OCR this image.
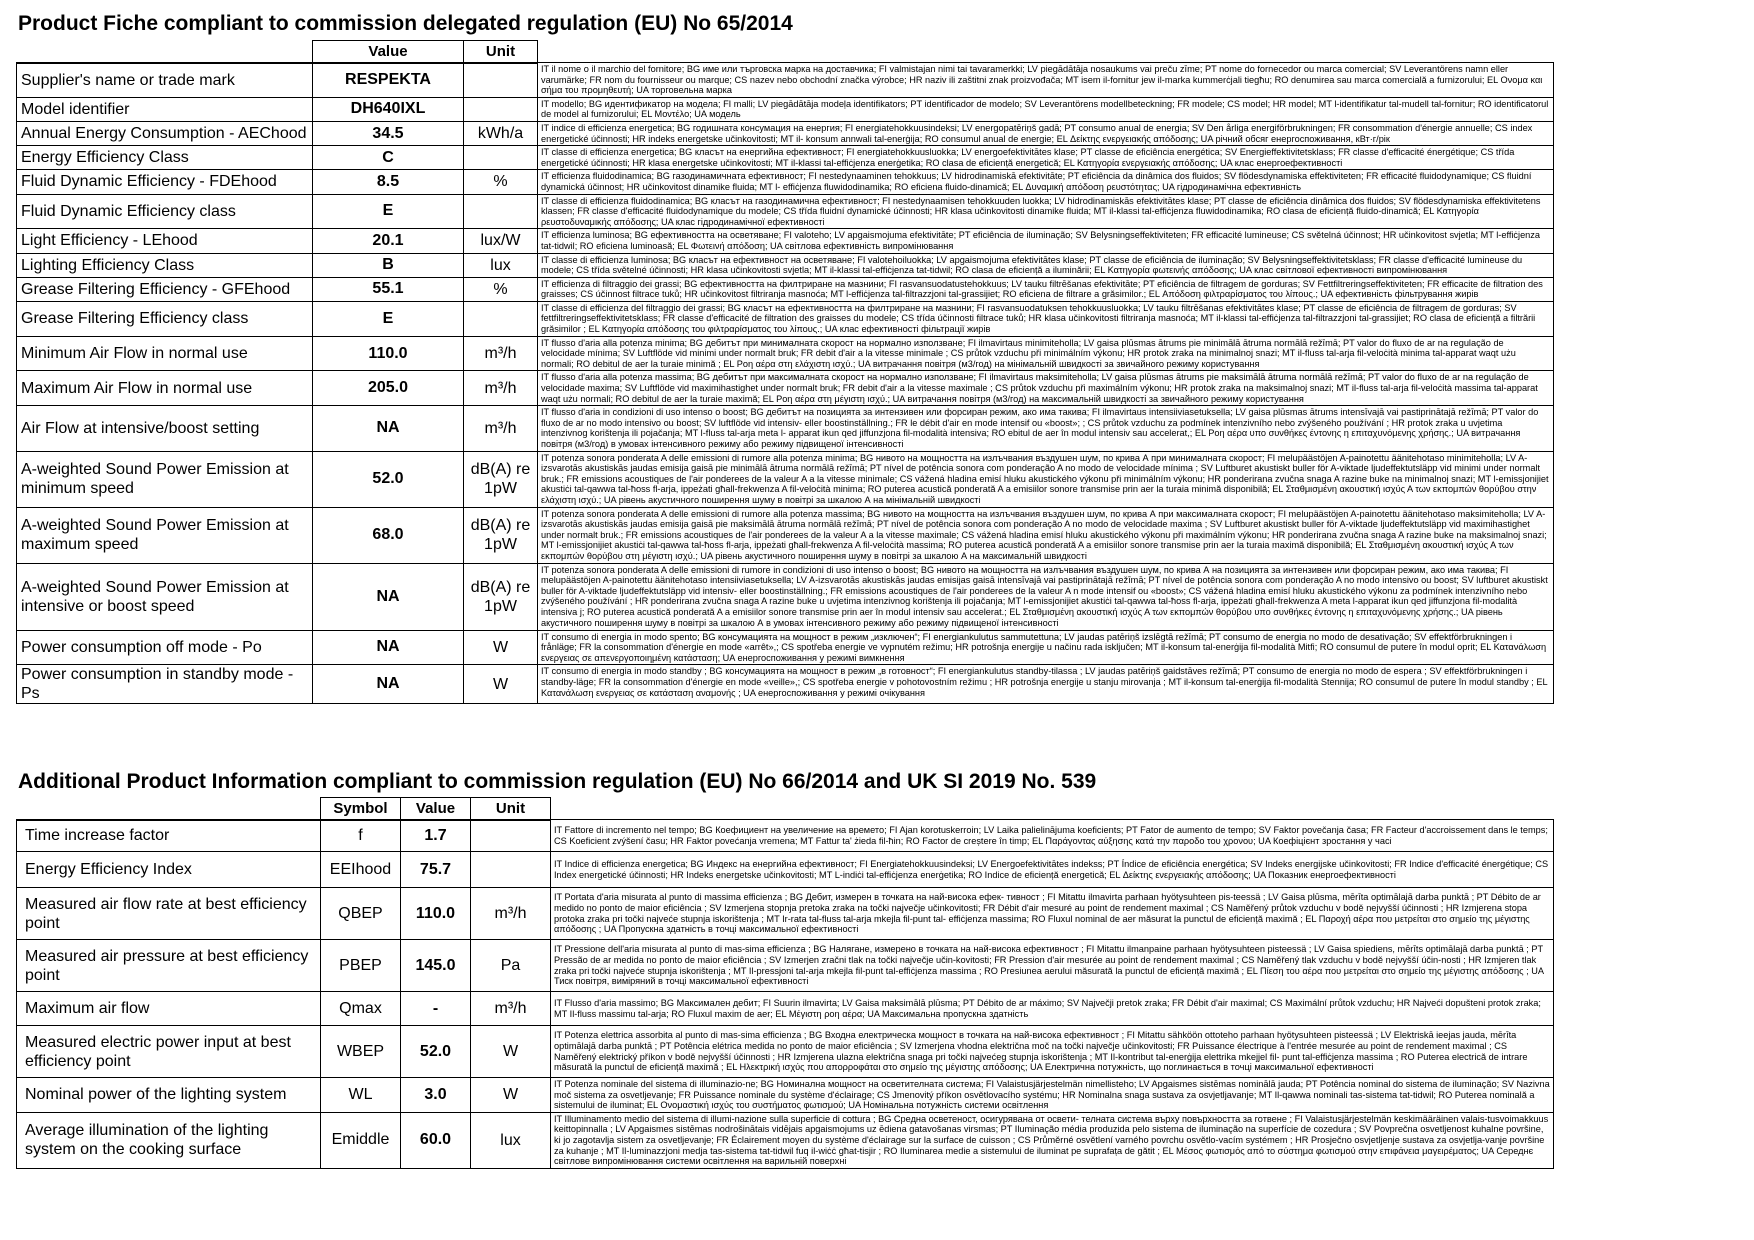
Product Fiche compliant to commission delegated regulation (EU) No 65/2014
	Value	Unit	
Supplier's name or trade mark	RESPEKTA		IT il nome o il marchio del fornitore; BG име или търговска марка на доставчика; FI valmistajan nimi tai tavaramerkki; LV piegādātāja nosaukums vai preču zīme; PT nome do fornecedor ou marca comercial; SV Leverantörens namn eller varumärke; FR nom du fournisseur ou marque; CS nazev nebo obchodní značka výrobce; HR naziv ili zaštitni znak proizvođača; MT isem il-fornitur jew il-marka kummerċjali tiegħu; RO denumirea sau marca comercială a furnizorului; EL Ονομα και σήμα του προμηθευτή; UA торговельна марка
Model identifier	DH640IXL		IT modello; BG идентификатор на модела; FI malli; LV piegādātāja modeļa identifikators; PT identificador de modelo; SV Leverantörens modellbeteckning; FR modele; CS model; HR model; MT l-identifikatur tal-mudell tal-fornitur; RO identificatorul de model al furnizorului; EL Μοντέλο; UA модель
Annual Energy Consumption - AEChood	34.5	kWh/a	IT indice di efficienza energetica; BG годишната консумация на енергия; FI energiatehokkuusindeksi; LV energopatēriņš gadā; PT consumo anual de energia; SV Den årliga energiförbrukningen; FR consommation d'énergie annuelle; CS index energetické účinnosti; HR indeks energetske učinkovitosti; MT il- konsum annwali tal-enerġija; RO consumul anual de energie; EL Δείκτης ενεργειακής απόδοσης; UA річний обсяг енергоспоживання, кВт·г/рік
Energy Efficiency Class	C		IT classe di efficienza energetica; BG класът на енергийна ефективност; FI energiatehokkuusluokka; LV energoefektivitātes klase; PT classe de eficiência energética; SV Energieffektivitetsklass; FR classe d'efficacité énergétique; CS třída energetické účinnosti; HR klasa energetske učinkovitosti; MT il-klassi tal-effiċjenza enerġetika; RO clasa de eficiență energetică; EL Κατηγορία ενεργειακής απόδοσης; UA клас енергоефективності
Fluid Dynamic Efficiency - FDEhood	8.5	%	IT efficienza fluidodinamica; BG газодинамичната ефективност; FI nestedynaaminen tehokkuus; LV hidrodinamiskā efektivitāte; PT eficiência da dinâmica dos fluidos; SV flödesdynamiska effektiviteten; FR efficacité fluidodynamique; CS fluidní dynamická účinnost; HR učinkovitost dinamike fluida; MT l- effiċjenza fluwidodinamika; RO eficiena fluido-dinamică; EL Δυναμική απόδοση ρευστότητας; UA гідродинамічна ефективність
Fluid Dynamic Efficiency class	E		IT classe di efficienza fluidodinamica; BG класът на газодинамична ефективност; FI nestedynaamisen tehokkuuden luokka; LV hidrodinamiskās efektivitātes klase; PT classe de eficiência dinâmica dos fluidos; SV flödesdynamiska effektivitetens klassen; FR classe d'efficacité fluidodynamique du modele; CS třída fluidní dynamické účinnosti; HR klasa učinkovitosti dinamike fluida; MT il-klassi tal-effiċjenza fluwidodinamika; RO clasa de eficiență fluido-dinamică; EL Κατηγορία ρευστοδυναμικής απόδοσης; UA клас гідродинамічної ефективності
Light Efficiency - LEhood	20.1	lux/W	IT efficienza luminosa; BG ефективността на осветяване; FI valoteho; LV apgaismojuma efektivitāte; PT eficiência de iluminação; SV Belysningseffektiviteten; FR efficacité lumineuse; CS světelná účinnost; HR učinkovitost svjetla; MT l-effiċjenza tat-tidwil; RO eficiena luminoasă; EL Φωτεινή απόδοση; UA світлова ефективність випромінювання
Lighting Efficiency Class	B	lux	IT classe di efficienza luminosa; BG класът на ефективност на осветяване; FI valotehoiluokka; LV apgaismojuma efektivitātes klase; PT classe de eficiência de iluminação; SV Belysningseffektivitetsklass; FR classe d'efficacité lumineuse du modele; CS třída světelné účinnosti; HR klasa učinkovitosti svjetla; MT il-klassi tal-effiċjenza tat-tidwil; RO clasa de eficiență a iluminării; EL Κατηγορία φωτεινής απόδοσης; UA клас світлової ефективності випромінювання
Grease Filtering Efficiency - GFEhood	55.1	%	IT efficienza di filtraggio dei grassi; BG ефективността на филтриране на мазнини; FI rasvansuodatustehokkuus; LV tauku filtrēšanas efektivitāte; PT eficiência de filtragem de gorduras; SV Fettfiltreringseffektiviteten; FR efficacite de filtration des graisses; CS účinnost filtrace tuků; HR učinkovitost filtriranja masnoća; MT l-effiċjenza tal-filtrazzjoni tal-grassijiet; RO eficiena de filtrare a grăsimilor.; EL Απόδοση φιλτραρίσματος του λίπους.; UA ефективність фільтрування жирів
Grease Filtering Efficiency class	E		IT classe di efficienza del filtraggio dei grassi; BG класът на ефективността на филтриране на мазнини; FI rasvansuodatuksen tehokkuusluokka; LV tauku filtrēšanas efektivitātes klase; PT classe de eficiência de filtragem de gorduras; SV fettfiltreringseffektivitetsklass; FR classe d'efficacité de filtration des graisses du modele; CS třída účinnosti filtrace tuků; HR klasa učinkovitosti filtriranja masnoća; MT il-klassi tal-effiċjenza tal-filtrazzjoni tal-grassijiet; RO clasa de eficiență a filtrării grăsimilor ; EL Κατηγορία απόδοσης του φιλτραρίσματος του λίπους.; UA клас ефективності фільтрації жирів
Minimum Air Flow in normal use	110.0	m³/h	IT flusso d'aria alla potenza minima; BG дебитът при минималната скорост на нормално използване; FI ilmavirtaus minimiteholla; LV gaisa plūsmas ātrums pie minimālā ātruma normālā režīmā; PT valor do fluxo de ar na regulação de velocidade mínima; SV Luftflöde vid minimi under normalt bruk; FR debit d'air a la vitesse minimale ; CS průtok vzduchu při minimálním výkonu; HR protok zraka na minimalnoj snazi; MT il-fluss tal-arja fil-veloċità minima tal-apparat waqt użu normali; RO debitul de aer la turaie minimă ; EL Ροη αέρα στη ελάχιστη ισχύ.; UA витрачання повітря (м3/год) на мінімальній швидкості за звичайного режиму користування
Maximum Air Flow in normal use	205.0	m³/h	IT flusso d'aria alla potenza massima; BG дебитът при максималната скорост на нормално използване; FI ilmavirtaus maksimiteholla; LV gaisa plūsmas ātrums pie maksimālā ātruma normālā režīmā; PT valor do fluxo de ar na regulação de velocidade maxima; SV Luftflöde vid maximihastighet under normalt bruk; FR debit d'air a la vitesse maximale ; CS průtok vzduchu při maximálním výkonu; HR protok zraka na maksimalnoj snazi; MT il-fluss tal-arja fil-veloċità massima tal-apparat waqt użu normali; RO debitul de aer la turaie maximă; EL Ροη αέρα στη μέγιστη ισχύ.; UA витрачання повітря (м3/год) на максимальній швидкості за звичайного режиму користування
Air Flow at intensive/boost setting	NA	m³/h	IT flusso d'aria in condizioni di uso intenso o boost; BG дебитът на позицията за интензивен или форсиран режим, ако има такива; FI ilmavirtaus intensiiviasetuksella; LV gaisa plūsmas ātrums intensīvajā vai pastiprinātajā režīmā; PT valor do fluxo de ar no modo intensivo ou boost; SV luftflöde vid intensiv- eller boostinställning.; FR le débit d'air en mode intensif ou «boost»; ; CS průtok vzduchu za podmínek intenzivního nebo zvýšeného používání ; HR protok zraka u uvjetima intenzivnog korištenja ili pojačanja; MT l-fluss tal-arja meta l- apparat ikun qed jiffunzjona fil-modalità intensiva; RO ebitul de aer în modul intensiv sau accelerat,; EL Ροη αέρα υπο συνθήκες έντονης η επιταχυνόμενης χρήσης.; UA витрачання повітря (м3/год) в умовах інтенсивного режиму або режиму підвищеної інтенсивності
A-weighted Sound Power Emission at minimum speed	52.0	dB(A) re 1pW	IT potenza sonora ponderata A delle emissioni di rumore alla potenza minima; BG нивото на мощността на излъчвания въздушен шум, по крива А при минималната скорост; FI melupäästöjen A-painotettu äänitehotaso minimiteholla; LV A-izsvarotās akustiskās jaudas emisija gaisā pie minimālā ātruma normālā režīmā; PT nível de potência sonora com ponderação A no modo de velocidade mínima ; SV Luftburet akustiskt buller för A-viktade ljudeffektutsläpp vid minimi under normalt bruk.; FR emissions acoustiques de l'air ponderees de la valeur A a la vitesse minimale; CS vážená hladina emisí hluku akustického výkonu při minimálním výkonu; HR ponderirana zvučna snaga A razine buke na minimalnoj snazi; MT l-emissjonijiet akustiċi tal-qawwa tal-ħoss fl-arja, ippeżati għall-frekwenza A fil-veloċità minima; RO puterea acustică ponderată A a emisiilor sonore transmise prin aer la turaia minimă disponibilă; EL Σταθμισμένη ακουστική ισχύς Α των εκπομπών θορύβου στην ελάχιστη ισχύ.; UA рівень акустичного поширення шуму в повітрі за шкалою А на мінімальній швидкості
A-weighted Sound Power Emission at maximum speed	68.0	dB(A) re 1pW	IT potenza sonora ponderata A delle emissioni di rumore alla potenza massima; BG нивото на мощността на излъчвания въздушен шум, по крива А при максималната скорост; FI melupäästöjen A-painotettu äänitehotaso maksimiteholla; LV A-izsvarotās akustiskās jaudas emisija gaisā pie maksimālā ātruma normālā režīmā; PT nível de potência sonora com ponderação A no modo de velocidade maxima ; SV Luftburet akustiskt buller för A-viktade ljudeffektutsläpp vid maximihastighet under normalt bruk.; FR emissions acoustiques de l'air ponderees de la valeur A a la vitesse maximale; CS vážená hladina emisí hluku akustického výkonu při maximálním výkonu; HR ponderirana zvučna snaga A razine buke na maksimalnoj snazi; MT l-emissjonijiet akustiċi tal-qawwa tal-ħoss fl-arja, ippeżati għall-frekwenza A fil-veloċità massima; RO puterea acustică ponderată A a emisiilor sonore transmise prin aer la turaia maximă disponibilă; EL Σταθμισμένη ακουστική ισχύς Α των εκπομπών θορύβου στη μέγιστη ισχύ.; UA рівень акустичного поширення шуму в повітрі за шкалою А на максимальній швидкості
A-weighted Sound Power Emission at intensive or boost speed	NA	dB(A) re 1pW	IT potenza sonora ponderata A delle emissioni di rumore in condizioni di uso intenso o boost; BG нивото на мощността на излъчвания въздушен шум, по крива А на позицията за интензивен или форсиран режим, ако има такива; FI melupäästöjen A-painotettu äänitehotaso intensiiviasetuksella; LV A-izsvarotās akustiskās jaudas emisijas gaisā intensīvajā vai pastiprinātajā režīmā; PT nível de potência sonora com ponderação A no modo intensivo ou boost; SV luftburet akustiskt buller för A-viktade ljudeffektutsläpp vid intensiv- eller boostinställning.; FR emissions acoustiques de l'air ponderees de la valeur A n mode intensif ou «boost»; CS vážená hladina emisí hluku akustického výkonu za podmínek intenzivního nebo zvýšeného používání ; HR ponderirana zvučna snaga A razine buke u uvjetima intenzivnog korištenja ili pojačanja; MT l-emissjonijiet akustiċi tal-qawwa tal-ħoss fl-arja, ippeżati għall-frekwenza A meta l-apparat ikun qed jiffunzjona fil-modalità intensiva j; RO puterea acustică ponderată A a emisiilor sonore transmise prin aer în modul intensiv sau accelerat.; EL Σταθμισμένη ακουστική ισχύς Α των εκπομπών θορύβου υπο συνθήκες έντονης η επιταχυνόμενης χρήσης.; UA рівень акустичного поширення шуму в повітрі за шкалою А в умовах інтенсивного режиму або режиму підвищеної інтенсивності
Power consumption off mode - Po	NA	W	IT consumo di energia in modo spento; BG консумацията на мощност в режим „изключен“; FI energiankulutus sammutettuna; LV jaudas patēriņš izslēgtā režīmā; PT consumo de energia no modo de desativação; SV effektförbrukningen i frånläge; FR la consommation d'énergie en mode «arrêt»,; CS spotřeba energie ve vypnutém režimu; HR potrošnja energije u načinu rada isključen; MT il-konsum tal-enerġija fil-modalità Mitfi; RO consumul de putere în modul oprit; EL Κατανάλωση ενεργειας σε απενεργοποιημένη κατάσταση; UA енергоспоживання у режимі вимкнення
Power consumption in standby mode - Ps	NA	W	IT consumo di energia in modo standby ; BG консумацията на мощност в режим „в готовност“; FI energiankulutus standby-tilassa ; LV jaudas patēriņš gaidstāves režīmā; PT consumo de energia no modo de espera ; SV effektförbrukningen i standby-läge; FR la consommation d'énergie en mode «veille»,; CS spotřeba energie v pohotovostním režimu ; HR potrošnja energije u stanju mirovanja ; MT il-konsum tal-enerġija fil-modalità Stennija; RO consumul de putere în modul standby ; EL Κατανάλωση ενεργειας σε κατάσταση αναμονής ; UA енергоспоживання у режимі очікування
Additional Product Information compliant to commission regulation (EU) No 66/2014 and UK SI 2019 No. 539
	Symbol	Value	Unit	
Time increase factor	f	1.7		IT Fattore di incremento nel tempo; BG Коефициент на увеличение на времето; FI Ajan korotuskerroin; LV Laika palielinājuma koeficients; PT Fator de aumento de tempo; SV Faktor povečanja časa; FR Facteur d'accroissement dans le temps; CS Koeficient zvýšení času; HR Faktor povećanja vremena; MT Fattur ta' żieda fil-ħin; RO Factor de creștere în timp; EL Παράγοντας αύξησης κατά την παροδο του χρονου; UA Коефіцієнт зростання у часі
Energy Efficiency Index	EEIhood	75.7		IT Indice di efficienza energetica; BG Индекс на енергийна ефективност; FI Energiatehokkuusindeksi; LV Energoefektivitātes indekss; PT Índice de eficiência energética; SV Indeks energijske učinkovitosti; FR Indice d'efficacité énergétique; CS Index energetické účinnosti; HR Indeks energetske učinkovitosti; MT L-indiċi tal-effiċjenza enerġetika; RO Indice de eficiență energetică; EL Δείκτης ενεργειακής απόδοσης; UA Показник енергоефективності
Measured air flow rate at best efficiency point	QBEP	110.0	m³/h	IT Portata d'aria misurata al punto di massima efficienza ; BG Дебит, измерен в точката на най-висока ефек- тивност ; FI Mitattu ilmavirta parhaan hyötysuhteen pis-teessä ; LV Gaisa plūsma, mērīta optimālajā darba punktā ; PT Débito de ar medido no ponto de maior eficiência ; SV Izmerjena stopnja pretoka zraka na točki največje učinkovitosti; FR Débit d'air mesuré au point de rendement maximal ; CS Naměřený průtok vzduchu v bodě nejvyšší účinnosti ; HR Izmjerena stopa protoka zraka pri točki najveće stupnja iskorištenja ; MT Ir-rata tal-fluss tal-arja mkejla fil-punt tal- effiċjenza massima; RO Fluxul nominal de aer măsurat la punctul de eficiență maximă ; EL Παροχή αέρα που μετρείται στο σημείο της μέγιστης απόδοσης ; UA Пропускна здатність в точці максимальної ефективності
Measured air pressure at best efficiency point	PBEP	145.0	Pa	IT Pressione dell'aria misurata al punto di mas-sima efficienza ; BG Налягане, измерено в точката на най-висока ефективност ; FI Mitattu ilmanpaine parhaan hyötysuhteen pisteessä ; LV Gaisa spiediens, mērīts optimālajā darba punktā ; PT Pressão de ar medida no ponto de maior eficiência ; SV Izmerjen zračni tlak na točki največje učin-kovitosti; FR Pression d'air mesurée au point de rendement maximal ; CS Naměřený tlak vzduchu v bodě nejvyšší účin-nosti ; HR Izmjeren tlak zraka pri točki najveće stupnja iskorištenja ; MT Il-pressjoni tal-arja mkejla fil-punt tal-effiċjenza massima ; RO Presiunea aerului măsurată la punctul de eficiență maximă ; EL Πίεση του αέρα που μετρείται στο σημείο της μέγιστης απόδοσης ; UA Тиск повітря, виміряний в точці максимальної ефективності
Maximum air flow	Qmax	-	m³/h	IT Flusso d'aria massimo; BG Максимален дебит; FI Suurin ilmavirta; LV Gaisa maksimālā plūsma; PT Débito de ar máximo; SV Največji pretok zraka; FR Débit d'air maximal; CS Maximální průtok vzduchu; HR Najveći dopušteni protok zraka; MT Il-fluss massimu tal-arja; RO Fluxul maxim de aer; EL Μέγιστη ροη αέρα; UA Максимальна пропускна здатність
Measured electric power input at best efficiency point	WBEP	52.0	W	IT Potenza elettrica assorbita al punto di mas-sima efficienza ; BG Входна електрическа мощност в точката на най-висока ефективност ; FI Mitattu sähköön ottoteho parhaan hyötysuhteen pisteessä ; LV Elektriskā ieejas jauda, mērīta optimālajā darba punktā ; PT Potência elétrica medida no ponto de maior eficiência ; SV Izmerjena vhodna električna moč na točki največje učinkovitosti; FR Puissance électrique à l'entrée mesurée au point de rendement maximal ; CS Naměřený elektrický příkon v bodě nejvyšší účinnosti ; HR Izmjerena ulazna električna snaga pri točki najvećeg stupnja iskorištenja ; MT Il-kontribut tal-enerġija elettrika mkejjel fil- punt tal-effiċjenza massima ; RO Puterea electrică de intrare măsurată la punctul de eficiență maximă ; EL Ηλεκτρική ισχύς που απορροφάται στο σημείο της μέγιστης απόδοσης; UA Електрична потужність, що поглинається в точці максимальної ефективності
Nominal power of the lighting system	WL	3.0	W	IT Potenza nominale del sistema di illuminazio-ne; BG Номинална мощност на осветителната система; FI Valaistusjärjestelmän nimellisteho; LV Apgaismes sistēmas nominālā jauda; PT Potência nominal do sistema de iluminação; SV Nazivna moč sistema za osvetljevanje; FR Puissance nominale du système d'éclairage; CS Jmenovitý příkon osvětlovacího systému; HR Nominalna snaga sustava za osvjetljavanje; MT Il-qawwa nominali tas-sistema tat-tidwil; RO Puterea nominală a sistemului de iluminat; EL Ονομαστική ισχύς του συστήματος φωτισμού; UA Номінальна потужність системи освітлення
Average illumination of the lighting system on the cooking surface	Emiddle	60.0	lux	IT Illuminamento medio del sistema di illumi-nazione sulla superficie di cottura ; BG Средна осветеност, осигурявана от освети- телната система върху повърхността за готвене ; FI Valaistusjärjestelmän keskimääräinen valais-tusvoimakkuus keittopinnalla ; LV Apgaismes sistēmas nodrošinātais vidējais apgaismojums uz ēdiena gatavošanas virsmas; PT Iluminação média produzida pelo sistema de iluminação na superfície de cozedura ; SV Povprečna osvetljenost kuhalne površine, ki jo zagotavlja sistem za osvetljevanje; FR Éclairement moyen du système d'éclairage sur la surface de cuisson ; CS Průměrné osvětlení varného povrchu osvětlo-vacím systémem ; HR Prosječno osvjetljenje sustava za osvjetlja-vanje površine za kuhanje ; MT Il-luminazzjoni medja tas-sistema tat-tidwil fuq il-wiċċ għat-tisjir ; RO Iluminarea medie a sistemului de iluminat pe suprafața de gătit ; EL Μέσος φωτισμός από το σύστημα φωτισμού στην επιφάνεια μαγειρέματος; UA Середнє світлове випромінювання системи освітлення на варильній поверхні
